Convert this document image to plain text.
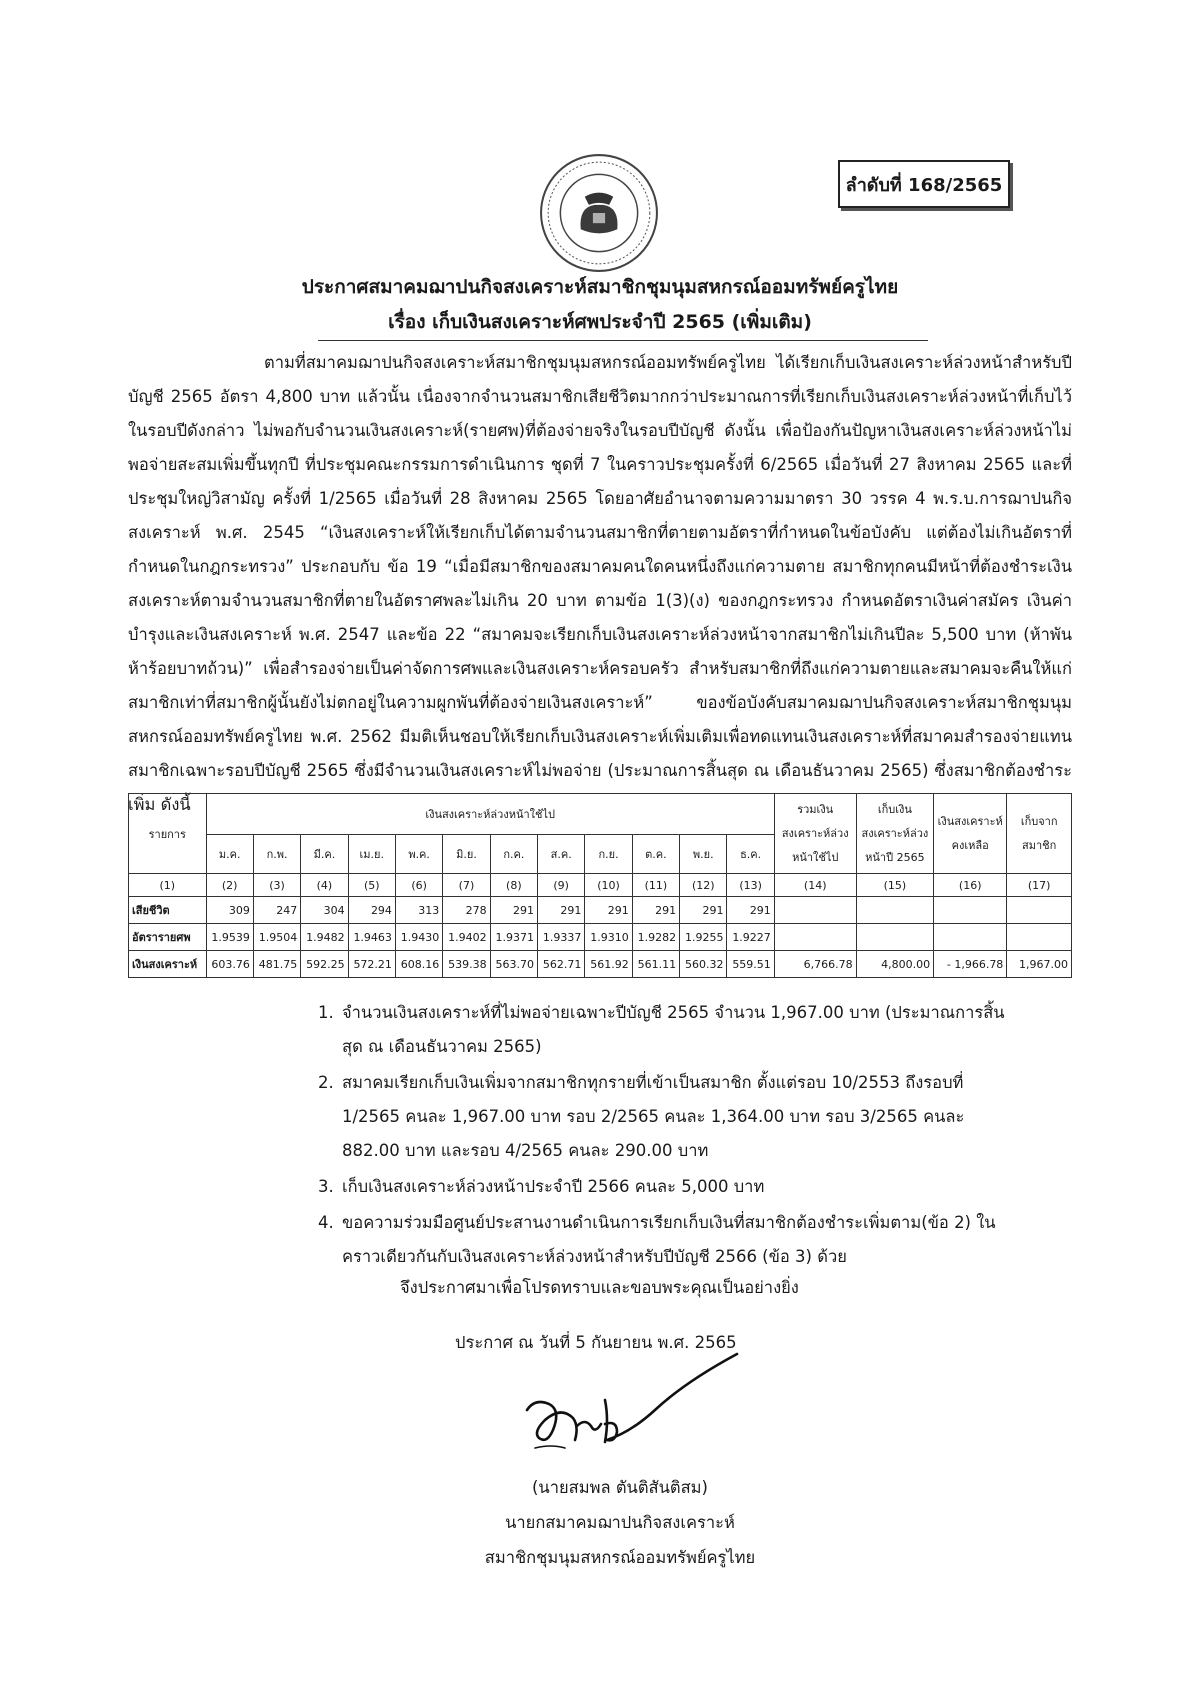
ลำดับที่ 168/2565
ประกาศสมาคมฌาปนกิจสงเคราะห์สมาชิกชุมนุมสหกรณ์ออมทรัพย์ครูไทย
เรื่อง เก็บเงินสงเคราะห์ศพประจำปี 2565 (เพิ่มเติม)

ตามที่สมาคมฌาปนกิจสงเคราะห์สมาชิกชุมนุมสหกรณ์ออมทรัพย์ครูไทย ได้เรียกเก็บเงินสงเคราะห์ล่วงหน้าสำหรับปีบัญชี 2565 อัตรา 4,800 บาท แล้วนั้น เนื่องจากจำนวนสมาชิกเสียชีวิตมากกว่าประมาณการที่เรียกเก็บเงินสงเคราะห์ล่วงหน้าที่เก็บไว้ในรอบปีดังกล่าว ไม่พอกับจำนวนเงินสงเคราะห์(รายศพ)ที่ต้องจ่ายจริงในรอบปีบัญชี ดังนั้น เพื่อป้องกันปัญหาเงินสงเคราะห์ล่วงหน้าไม่พอจ่ายสะสมเพิ่มขึ้นทุกปี ที่ประชุมคณะกรรมการดำเนินการ ชุดที่ 7 ในคราวประชุมครั้งที่ 6/2565 เมื่อวันที่ 27 สิงหาคม 2565 และที่ประชุมใหญ่วิสามัญ ครั้งที่ 1/2565 เมื่อวันที่ 28 สิงหาคม 2565 โดยอาศัยอำนาจตามความมาตรา 30 วรรค 4 พ.ร.บ.การฌาปนกิจสงเคราะห์ พ.ศ. 2545 “เงินสงเคราะห์ให้เรียกเก็บได้ตามจำนวนสมาชิกที่ตายตามอัตราที่กำหนดในข้อบังคับ แต่ต้องไม่เกินอัตราที่กำหนดในกฎกระทรวง” ประกอบกับ ข้อ 19 “เมื่อมีสมาชิกของสมาคมคนใดคนหนึ่งถึงแก่ความตาย สมาชิกทุกคนมีหน้าที่ต้องชำระเงินสงเคราะห์ตามจำนวนสมาชิกที่ตายในอัตราศพละไม่เกิน 20 บาท ตามข้อ 1(3)(ง) ของกฎกระทรวง กำหนดอัตราเงินค่าสมัคร เงินค่าบำรุงและเงินสงเคราะห์ พ.ศ. 2547 และข้อ 22 “สมาคมจะเรียกเก็บเงินสงเคราะห์ล่วงหน้าจากสมาชิกไม่เกินปีละ 5,500 บาท (ห้าพันห้าร้อยบาทถ้วน)” เพื่อสำรองจ่ายเป็นค่าจัดการศพและเงินสงเคราะห์ครอบครัว สำหรับสมาชิกที่ถึงแก่ความตายและสมาคมจะคืนให้แก่สมาชิกเท่าที่สมาชิกผู้นั้นยังไม่ตกอยู่ในความผูกพันที่ต้องจ่ายเงินสงเคราะห์” ของข้อบังคับสมาคมฌาปนกิจสงเคราะห์สมาชิกชุมนุมสหกรณ์ออมทรัพย์ครูไทย พ.ศ. 2562 มีมติเห็นชอบให้เรียกเก็บเงินสงเคราะห์เพิ่มเติมเพื่อทดแทนเงินสงเคราะห์ที่สมาคมสำรองจ่ายแทนสมาชิกเฉพาะรอบปีบัญชี 2565 ซึ่งมีจำนวนเงินสงเคราะห์ไม่พอจ่าย (ประมาณการสิ้นสุด ณ เดือนธันวาคม 2565) ซึ่งสมาชิกต้องชำระเพิ่ม ดังนี้

รายการ	เงินสงเคราะห์ล่วงหน้าใช้ไป												รวมเงินสงเคราะห์ล่วงหน้าใช้ไป	เก็บเงินสงเคราะห์ล่วงหน้าปี 2565	เงินสงเคราะห์คงเหลือ	เก็บจากสมาชิก
	ม.ค.	ก.พ.	มี.ค.	เม.ย.	พ.ค.	มิ.ย.	ก.ค.	ส.ค.	ก.ย.	ต.ค.	พ.ย.	ธ.ค.				
(1)	(2)	(3)	(4)	(5)	(6)	(7)	(8)	(9)	(10)	(11)	(12)	(13)	(14)	(15)	(16)	(17)
เสียชีวิต	309	247	304	294	313	278	291	291	291	291	291	291				
อัตรารายศพ	1.9539	1.9504	1.9482	1.9463	1.9430	1.9402	1.9371	1.9337	1.9310	1.9282	1.9255	1.9227				
เงินสงเคราะห์	603.76	481.75	592.25	572.21	608.16	539.38	563.70	562.71	561.92	561.11	560.32	559.51	6,766.78	4,800.00	- 1,966.78	1,967.00
1. จำนวนเงินสงเคราะห์ที่ไม่พอจ่ายเฉพาะปีบัญชี 2565 จำนวน 1,967.00 บาท (ประมาณการสิ้นสุด ณ เดือนธันวาคม 2565)
2. สมาคมเรียกเก็บเงินเพิ่มจากสมาชิกทุกรายที่เข้าเป็นสมาชิก ตั้งแต่รอบ 10/2553 ถึงรอบที่ 1/2565 คนละ 1,967.00 บาท รอบ 2/2565 คนละ 1,364.00 บาท รอบ 3/2565 คนละ 882.00 บาท และรอบ 4/2565 คนละ 290.00 บาท
3. เก็บเงินสงเคราะห์ล่วงหน้าประจำปี 2566 คนละ 5,000 บาท
4. ขอความร่วมมือศูนย์ประสานงานดำเนินการเรียกเก็บเงินที่สมาชิกต้องชำระเพิ่มตาม(ข้อ 2) ในคราวเดียวกันกับเงินสงเคราะห์ล่วงหน้าสำหรับปีบัญชี 2566 (ข้อ 3) ด้วย
จึงประกาศมาเพื่อโปรดทราบและขอบพระคุณเป็นอย่างยิ่ง
ประกาศ ณ วันที่ 5 กันยายน พ.ศ. 2565
(นายสมพล ตันติสันติสม)
นายกสมาคมฌาปนกิจสงเคราะห์
สมาชิกชุมนุมสหกรณ์ออมทรัพย์ครูไทย
